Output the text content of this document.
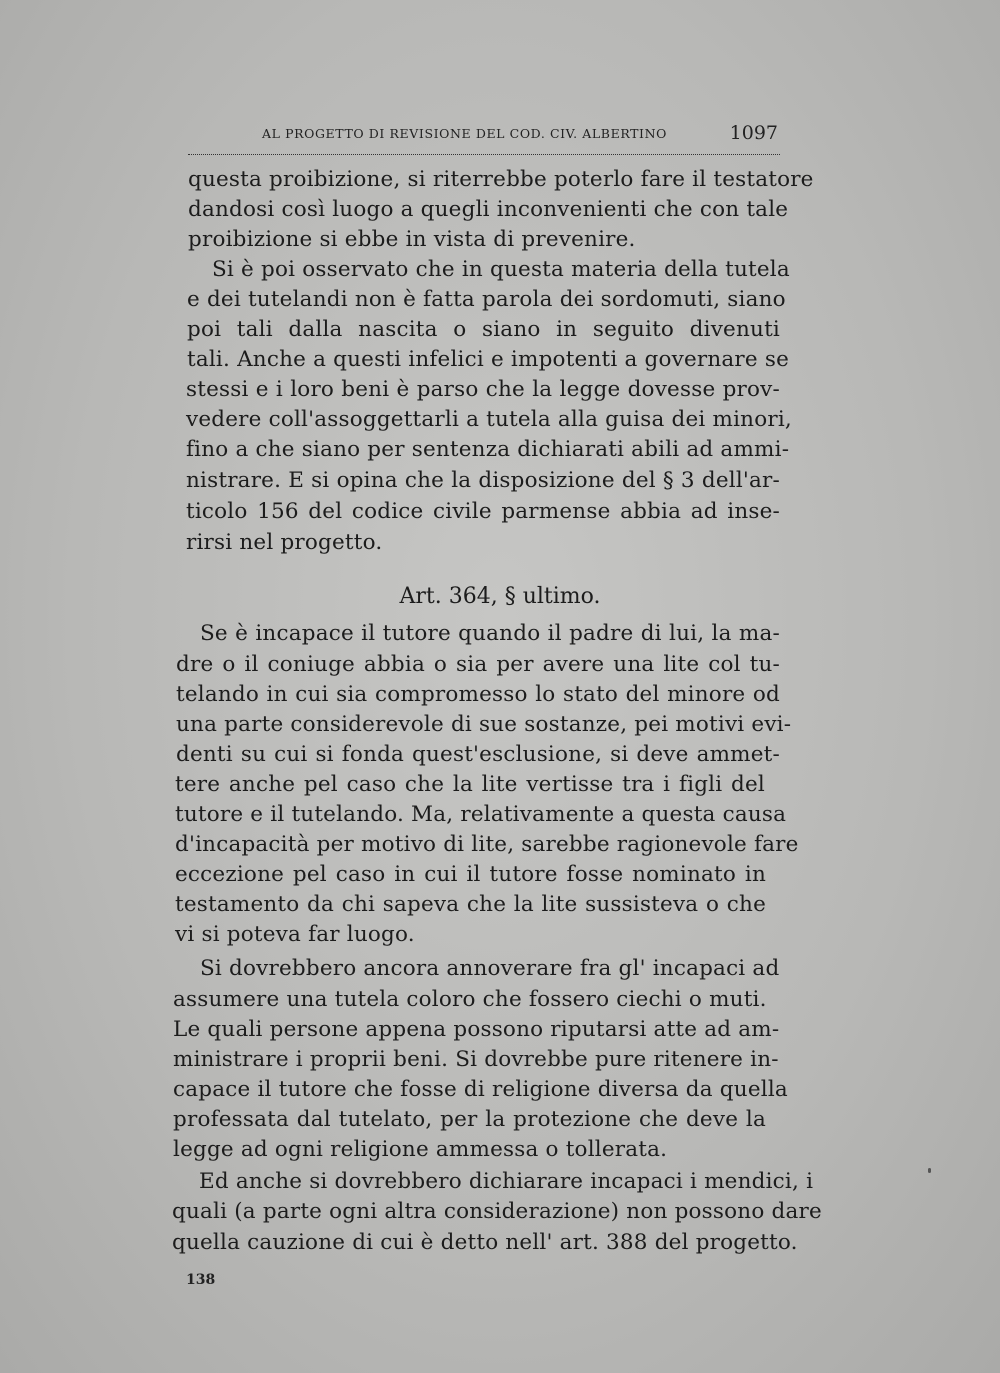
AL PROGETTO DI REVISIONE DEL COD. CIV. ALBERTINO	1097
questa proibizione, si riterrebbe poterlo fare il testatore
dandosi così luogo a quegli inconvenienti che con tale
proibizione si ebbe in vista di prevenire.
Si è poi osservato che in questa materia della tutela
e dei tutelandi non è fatta parola dei sordomuti, siano
poi tali dalla nascita o siano in seguito divenuti
tali. Anche a questi infelici e impotenti a governare se
stessi e i loro beni è parso che la legge dovesse prov-
vedere coll'assoggettarli a tutela alla guisa dei minori,
fino a che siano per sentenza dichiarati abili ad ammi-
nistrare. E si opina che la disposizione del § 3 dell'ar-
ticolo 156 del codice civile parmense abbia ad inse-
rirsi nel progetto.
Art. 364, § ultimo.
Se è incapace il tutore quando il padre di lui, la ma-
dre o il coniuge abbia o sia per avere una lite col tu-
telando in cui sia compromesso lo stato del minore od
una parte considerevole di sue sostanze, pei motivi evi-
denti su cui si fonda quest'esclusione, si deve ammet-
tere anche pel caso che la lite vertisse tra i figli del
tutore e il tutelando. Ma, relativamente a questa causa
d'incapacità per motivo di lite, sarebbe ragionevole fare
eccezione pel caso in cui il tutore fosse nominato in
testamento da chi sapeva che la lite sussisteva o che
vi si poteva far luogo.
Si dovrebbero ancora annoverare fra gl' incapaci ad
assumere una tutela coloro che fossero ciechi o muti.
Le quali persone appena possono riputarsi atte ad am-
ministrare i proprii beni. Si dovrebbe pure ritenere in-
capace il tutore che fosse di religione diversa da quella
professata dal tutelato, per la protezione che deve la
legge ad ogni religione ammessa o tollerata.
Ed anche si dovrebbero dichiarare incapaci i mendici, i
quali (a parte ogni altra considerazione) non possono dare
quella cauzione di cui è detto nell' art. 388 del progetto.
138
